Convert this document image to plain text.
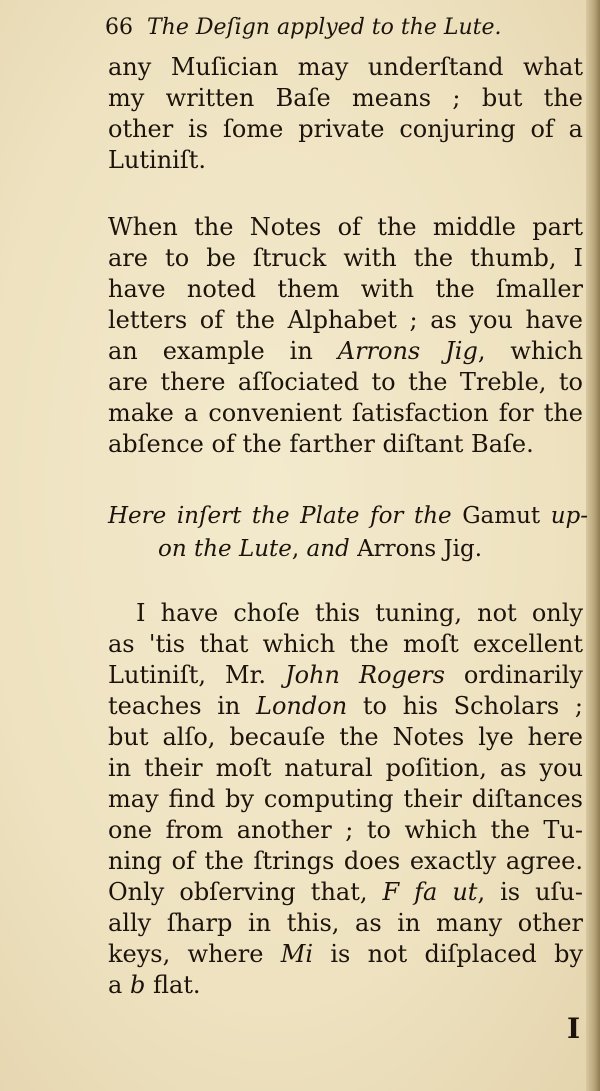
66 The Deſign applyed to the Lute.
any Muſician may underſtand what
my written Baſe means ; but the
other is ſome private conjuring of a
Lutiniſt.
When the Notes of the middle part
are to be ſtruck with the thumb, I
have noted them with the ſmaller
letters of the Alphabet ; as you have
an example in Arrons Jig, which
are there aſſociated to the Treble, to
make a convenient ſatisfaction for the
abſence of the farther diſtant Baſe.
Here inſert the Plate for the Gamut up-
on the Lute, and Arrons Jig.
I have choſe this tuning, not only
as 'tis that which the moſt excellent
Lutiniſt, Mr. John Rogers ordinarily
teaches in London to his Scholars ;
but alſo, becauſe the Notes lye here
in their moſt natural poſition, as you
may find by computing their diſtances
one from another ; to which the Tu-
ning of the ſtrings does exactly agree.
Only obſerving that, F fa ut, is uſu-
ally ſharp in this, as in many other
keys, where Mi is not diſplaced by
a b flat.
I
